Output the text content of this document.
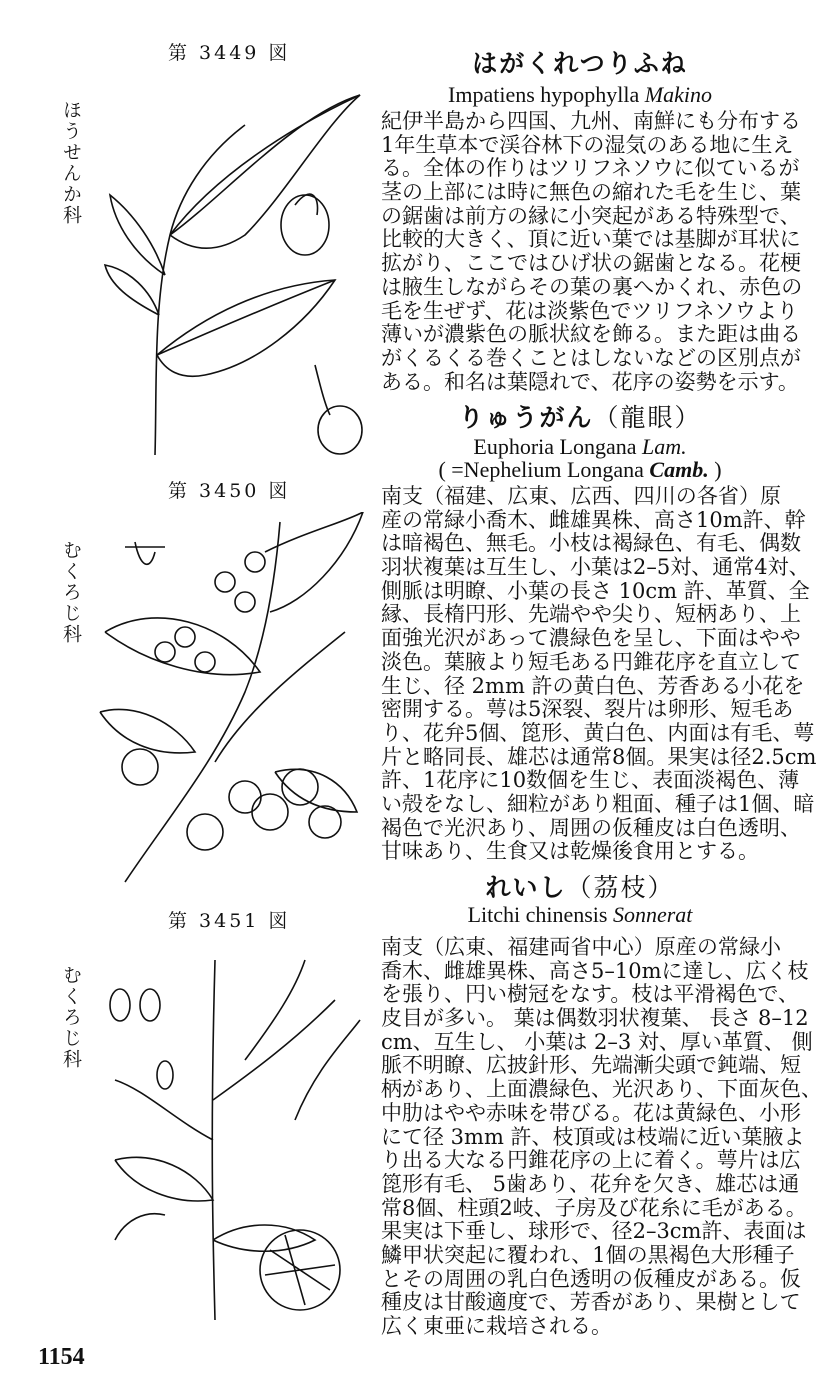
第 3449 図
ほうせんか科
はがくれつりふね
Impatiens hypophylla Makino
紀伊半島から四国、九州、南鮮にも分布する
1年生草本で渓谷林下の湿気のある地に生え
る。全体の作りはツリフネソウに似ているが
茎の上部には時に無色の縮れた毛を生じ、葉
の鋸歯は前方の縁に小突起がある特殊型で、
比較的大きく、頂に近い葉では基脚が耳状に
拡がり、ここではひげ状の鋸歯となる。花梗
は腋生しながらその葉の裏へかくれ、赤色の
毛を生ぜず、花は淡紫色でツリフネソウより
薄いが濃紫色の脈状紋を飾る。また距は曲る
がくるくる巻くことはしないなどの区別点が
ある。和名は葉隠れで、花序の姿勢を示す。
第 3450 図
むくろじ科
りゅうがん（龍眼）
Euphoria Longana Lam.
( =Nephelium Longana Camb. )
南支（福建、広東、広西、四川の各省）原
産の常緑小喬木、雌雄異株、高さ10m許、幹
は暗褐色、無毛。小枝は褐緑色、有毛、偶数
羽状複葉は互生し、小葉は2–5対、通常4対、
側脈は明瞭、小葉の長さ 10cm 許、革質、全
縁、長楕円形、先端やや尖り、短柄あり、上
面強光沢があって濃緑色を呈し、下面はやや
淡色。葉腋より短毛ある円錐花序を直立して
生じ、径 2mm 許の黄白色、芳香ある小花を
密開する。萼は5深裂、裂片は卵形、短毛あ
り、花弁5個、箆形、黄白色、内面は有毛、萼
片と略同長、雄芯は通常8個。果実は径2.5cm
許、1花序に10数個を生じ、表面淡褐色、薄
い殻をなし、細粒があり粗面、種子は1個、暗
褐色で光沢あり、周囲の仮種皮は白色透明、
甘味あり、生食又は乾燥後食用とする。
第 3451 図
むくろじ科
れいし（茘枝）
Litchi chinensis Sonnerat
南支（広東、福建両省中心）原産の常緑小
喬木、雌雄異株、高さ5–10mに達し、広く枝
を張り、円い樹冠をなす。枝は平滑褐色で、
皮目が多い。 葉は偶数羽状複葉、 長さ 8–12
cm、互生し、 小葉は 2–3 対、厚い革質、 側
脈不明瞭、広披針形、先端漸尖頭で鈍端、短
柄があり、上面濃緑色、光沢あり、下面灰色、
中肋はやや赤味を帯びる。花は黄緑色、小形
にて径 3mm 許、枝頂或は枝端に近い葉腋よ
り出る大なる円錐花序の上に着く。萼片は広
箆形有毛、 5歯あり、花弁を欠き、雄芯は通
常8個、柱頭2岐、子房及び花糸に毛がある。
果実は下垂し、球形で、径2–3cm許、表面は
鱗甲状突起に覆われ、1個の黒褐色大形種子
とその周囲の乳白色透明の仮種皮がある。仮
種皮は甘酸適度で、芳香があり、果樹として
広く東亜に栽培される。
1154
